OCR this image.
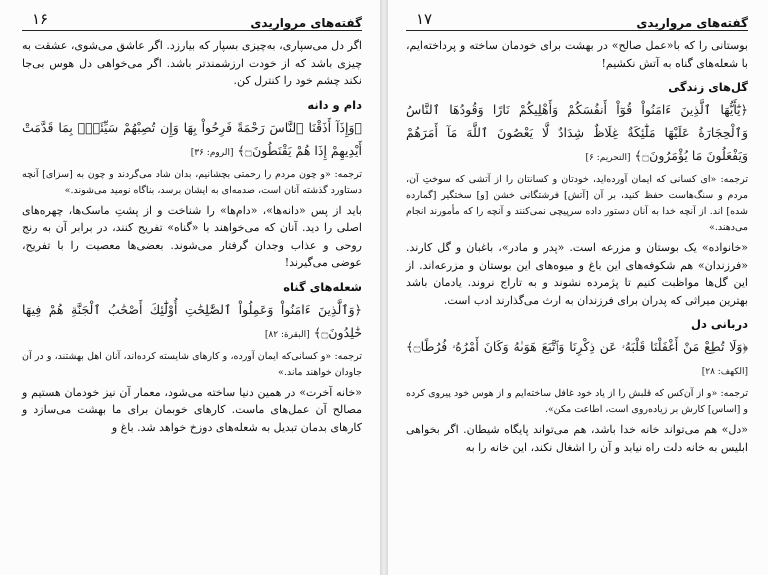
گفته‌های مرواریدی
۱۶

اگر دل می‌سپاری، به‌چیزی بسپار که بیارزد. اگر عاشق می‌شوی، عشقت به چیزی باشد که از خودت ارزشمندتر باشد. اگر می‌خواهی دل هوس بی‌جا نکند چشم خود را کنترل کن.

دام و دانه

﴿وَإِذَآ أَذَقْنَا ٱلنَّاسَ رَحْمَةً فَرِحُواْ بِهَا وَإِن تُصِبْهُمْ سَيِّئَةٌۢ بِمَا قَدَّمَتْ أَيْدِيهِمْ إِذَا هُمْ يَقْنَطُونَ۝﴾ [الروم: ۳۶]

ترجمه: «و چون مردم را رحمتی بچشانیم، بدان شاد می‌گردند و چون به [سزای] آنچه دستاورد گذشته آنان است، صدمه‌ای به ایشان برسد، بناگاه نومید می‌شوند.»

باید از پس «دانه‌ها»، «دام‌ها» را شناخت و از پشتِ ماسک‌ها، چهره‌های اصلی را دید. آنان که می‌خواهند با «گناه» تفریح کنند، در برابر آن به رنج روحی و عذاب وجدان گرفتار می‌شوند. بعضی‌ها معصیت را با تفریح، عوضی می‌گیرند!

شعله‌های گناه

﴿وَٱلَّذِينَ ءَامَنُواْ وَعَمِلُواْ ٱلصَّٰلِحَٰتِ أُوْلَٰٓئِكَ أَصْحَٰبُ ٱلْجَنَّةِ هُمْ فِيهَا خَٰلِدُونَ۝﴾ [البقرة: ۸۲]

ترجمه: «و کسانی‌که ایمان آورده، و کارهای شایسته کرده‌اند، آنان اهل بهشتند، و در آن جاودان خواهند ماند.»

«خانه آخرت» در همین دنیا ساخته می‌شود، معمار آن نیز خودمان هستیم و مصالح آن عمل‌های ماست. کارهای خوبمان برای ما بهشت می‌سازد و کارهای بدمان تبدیل به شعله‌های دوزخ خواهد شد. باغ و

گفته‌های مرواریدی
۱۷

بوستانی را که با«عمل صالح» در بهشت برای خودمان ساخته و پرداخته‌ایم، با شعله‌های گناه به آتش نکشیم!

گل‌های زندگی

﴿يَٰٓأَيُّهَا ٱلَّذِينَ ءَامَنُواْ قُوٓاْ أَنفُسَكُمْ وَأَهْلِيكُمْ نَارًا وَقُودُهَا ٱلنَّاسُ وَٱلْحِجَارَةُ عَلَيْهَا مَلَٰٓئِكَةٌ غِلَاظٌ شِدَادٌ لَّا يَعْصُونَ ٱللَّهَ مَآ أَمَرَهُمْ وَيَفْعَلُونَ مَا يُؤْمَرُونَ۝﴾ [التحریم: ۶]

ترجمه: «ای کسانی که ایمان آورده‌اید، خودتان و کسانتان را از آتشی که سوختِ آن، مردم و سنگ‌هاست حفظ کنید، بر آن [آتش] فرشتگانی خشن [و] سختگیر [گمارده شده] اند. از آنچه خدا به آنان دستور داده سرپیچی نمی‌کنند و آنچه را که مأمورند انجام می‌دهند.»

«خانواده» یک بوستان و مزرعه است. «پدر و مادر»، باغبان و گل کارند. «فرزندان» هم شکوفه‌های این باغ و میوه‌های این بوستان و مزرعه‌اند. از این گل‌ها مواظبت کنیم تا پژمرده نشوند و به تاراج نروند. یادمان باشد بهترین میراثی که پدران برای فرزندان به ارث می‌گذارند ادب است.

دربانی دل

﴿وَلَا تُطِعْ مَنْ أَغْفَلْنَا قَلْبَهُۥ عَن ذِكْرِنَا وَٱتَّبَعَ هَوَىٰهُ وَكَانَ أَمْرُهُۥ فُرُطًا۝﴾ [الكهف: ۲۸]

ترجمه: «و از آن‌کس که قلبش را از یاد خود غافل ساخته‌ایم و از هوس خود پیروی کرده و [اساس] کارش بر زیاده‌روی است، اطاعت مکن».

«دل» هم می‌تواند خانه خدا باشد، هم می‌تواند پایگاه شیطان. اگر بخواهی ابلیس به خانه دلت راه نیابد و آن را اشغال نکند، این خانه را به
